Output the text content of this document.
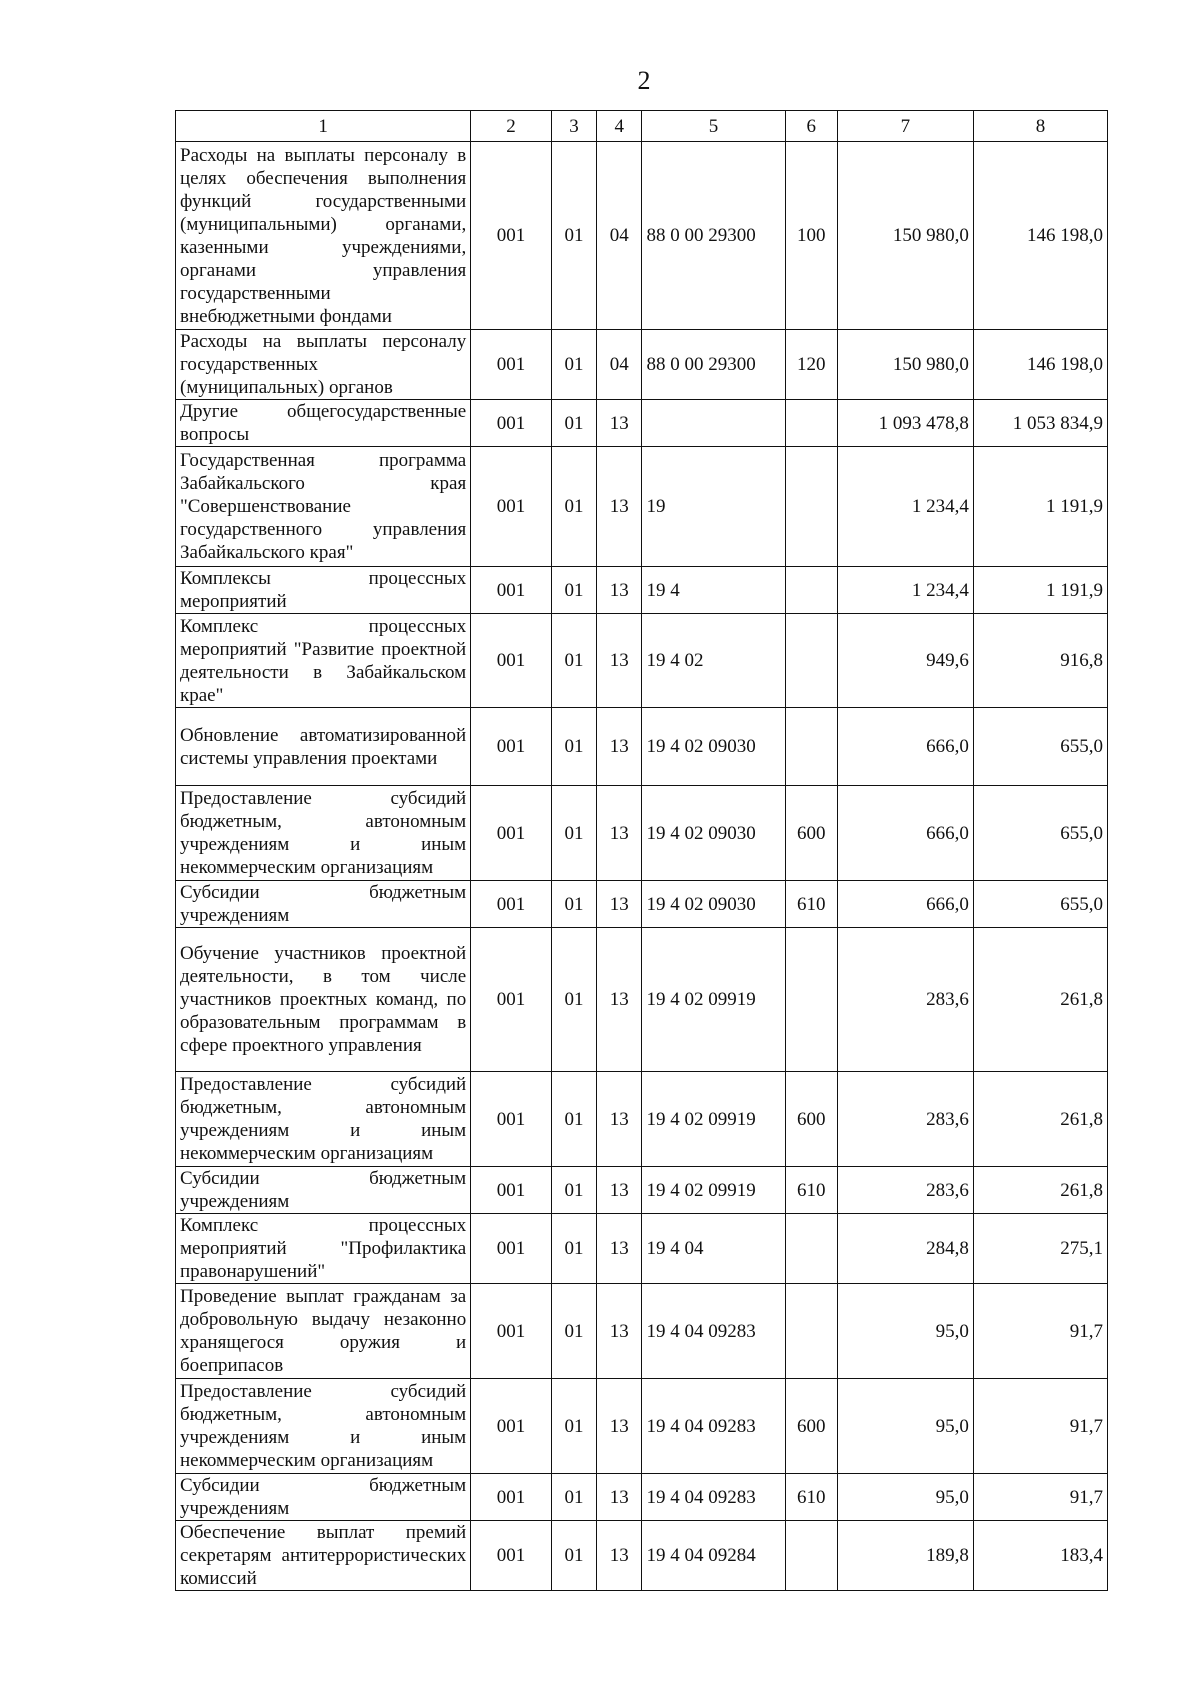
2
1	2	3	4	5	6	7	8
Расходы на выплаты персоналу в целях обеспечения выполнения функций государственными (муниципальными) органами, казенными учреждениями, органами управления государственными внебюджетными фондами	001	01	04	88 0 00 29300	100	150 980,0	146 198,0
Расходы на выплаты персоналу государственных (муниципальных) органов	001	01	04	88 0 00 29300	120	150 980,0	146 198,0
Другие общегосударственные вопросы	001	01	13			1 093 478,8	1 053 834,9
Государственная программа Забайкальского края "Совершенствование государственного управления Забайкальского края"	001	01	13	19		1 234,4	1 191,9
Комплексы процессных мероприятий	001	01	13	19 4		1 234,4	1 191,9
Комплекс процессных мероприятий "Развитие проектной деятельности в Забайкальском крае"	001	01	13	19 4 02		949,6	916,8
Обновление автоматизированной системы управления проектами	001	01	13	19 4 02 09030		666,0	655,0
Предоставление субсидий бюджетным, автономным учреждениям и иным некоммерческим организациям	001	01	13	19 4 02 09030	600	666,0	655,0
Субсидии бюджетным учреждениям	001	01	13	19 4 02 09030	610	666,0	655,0
Обучение участников проектной деятельности, в том числе участников проектных команд, по образовательным программам в сфере проектного управления	001	01	13	19 4 02 09919		283,6	261,8
Предоставление субсидий бюджетным, автономным учреждениям и иным некоммерческим организациям	001	01	13	19 4 02 09919	600	283,6	261,8
Субсидии бюджетным учреждениям	001	01	13	19 4 02 09919	610	283,6	261,8
Комплекс процессных мероприятий "Профилактика правонарушений"	001	01	13	19 4 04		284,8	275,1
Проведение выплат гражданам за добровольную выдачу незаконно хранящегося оружия и боеприпасов	001	01	13	19 4 04 09283		95,0	91,7
Предоставление субсидий бюджетным, автономным учреждениям и иным некоммерческим организациям	001	01	13	19 4 04 09283	600	95,0	91,7
Субсидии бюджетным учреждениям	001	01	13	19 4 04 09283	610	95,0	91,7
Обеспечение выплат премий секретарям антитеррористических комиссий	001	01	13	19 4 04 09284		189,8	183,4
